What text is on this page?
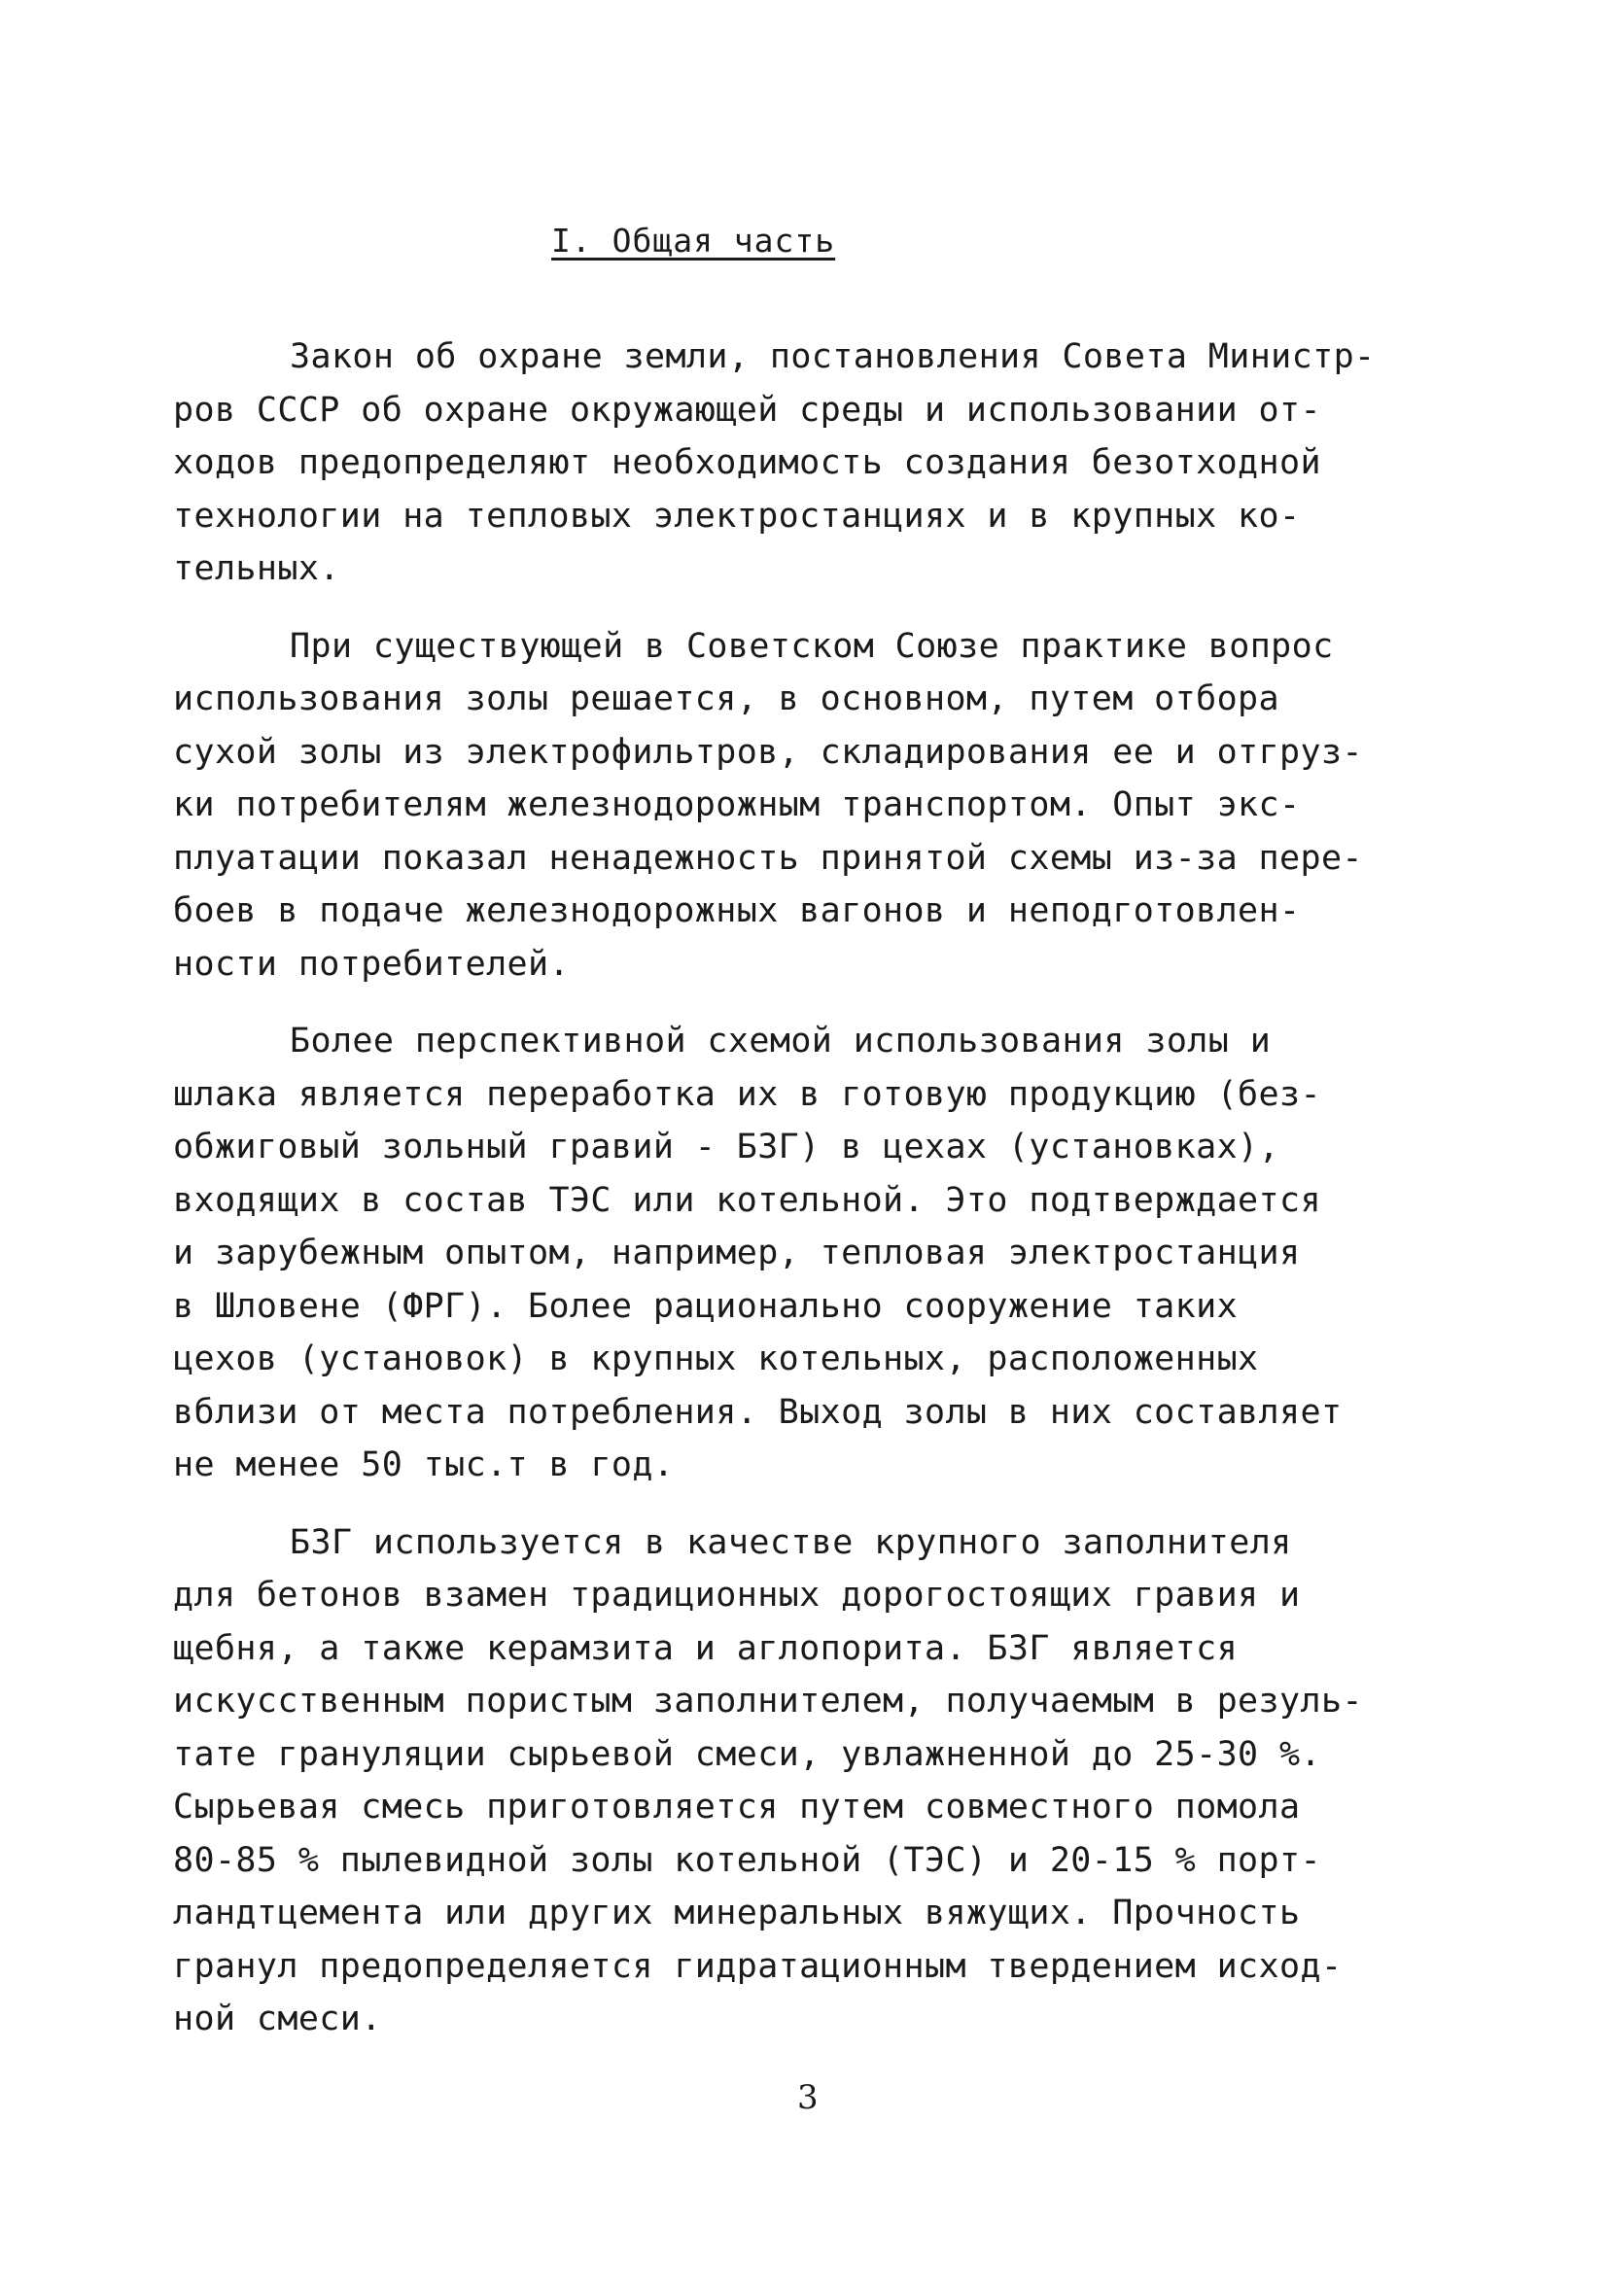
I. Общая часть
Закон об охране земли, постановления Совета Министр-
ров СССР об охране окружающей среды и использовании от-
ходов предопределяют необходимость создания безотходной
технологии на тепловых электростанциях и в крупных ко-
тельных.
При существующей в Советском Союзе практике вопрос
использования золы решается, в основном, путем отбора
сухой золы из электрофильтров, складирования ее и отгруз-
ки потребителям железнодорожным транспортом. Опыт экс-
плуатации показал ненадежность принятой схемы из-за пере-
боев в подаче железнодорожных вагонов и неподготовлен-
ности потребителей.
Более перспективной схемой использования золы и
шлака является переработка их в готовую продукцию (без-
обжиговый зольный гравий - БЗГ) в цехах (установках),
входящих в состав ТЭС или котельной. Это подтверждается
и зарубежным опытом, например, тепловая электростанция
в Шловене (ФРГ). Более рационально сооружение таких
цехов (установок) в крупных котельных, расположенных
вблизи от места потребления. Выход золы в них составляет
не менее 50 тыс.т в год.
БЗГ используется в качестве крупного заполнителя
для бетонов взамен традиционных дорогостоящих гравия и
щебня, а также керамзита и аглопорита. БЗГ является
искусственным пористым заполнителем, получаемым в резуль-
тате грануляции сырьевой смеси, увлажненной до 25-30 %.
Сырьевая смесь приготовляется путем совместного помола
80-85 % пылевидной золы котельной (ТЭС) и 20-15 % порт-
ландтцемента или других минеральных вяжущих. Прочность
гранул предопределяется гидратационным твердением исход-
ной смеси.
3
